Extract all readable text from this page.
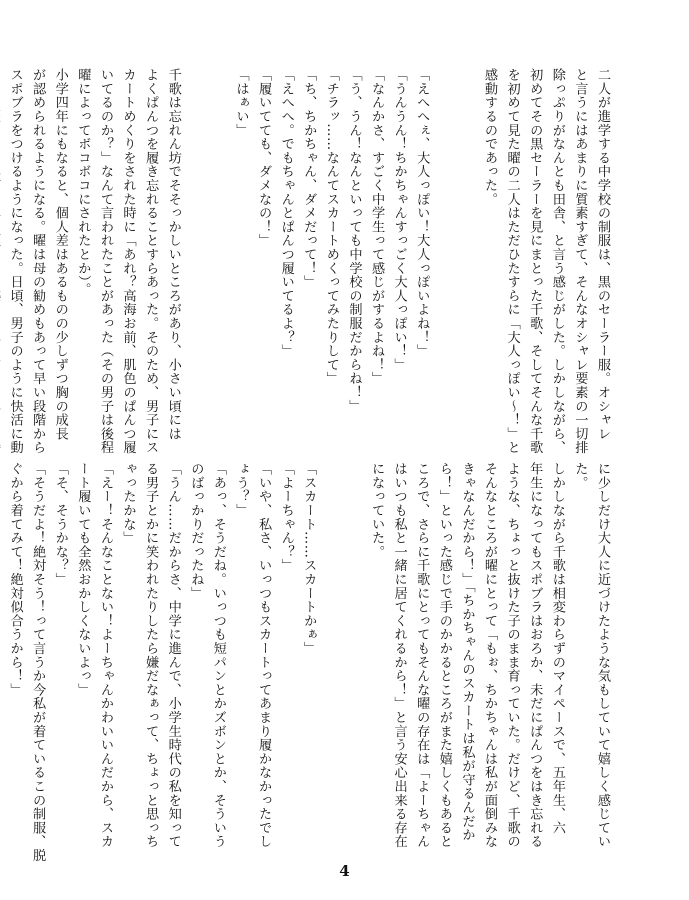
二人が進学する中学校の制服は、黒のセーラー服。オシャレ
と言うにはあまりに質素すぎて、そんなオシャレ要素の一切排
除っぷりがなんとも田舎、と言う感じがした。しかしながら、
初めてその黒セーラーを見にまとった千歌、そしてそんな千歌
を初めて見た曜の二人はただひたすらに「大人っぽい〜！」と
感動するのであった。

「えへへぇ、大人っぽい！大人っぽいよね！」
「うんうん！ちかちゃんすっごく大人っぽい！」
「なんかさ、すごく中学生って感じがするよね！」
「う、うん！なんといっても中学校の制服だからね！」
「チラッ……なんてスカートめくってみたりして」
「ち、ちかちゃん、ダメだって！」
「えへへ。でもちゃんとぱんつ履いてるよ？」
「履いてても、ダメなの！」
「はぁい」

千歌は忘れん坊でそそっかしいところがあり、小さい頃には
よくぱんつを履き忘れることすらあった。そのため、男子にス
カートめくりをされた時に「あれ？高海お前、肌色のぱんつ履
いてるのか？」なんて言われたことがあった（その男子は後程
曜によってボコボコにされたとか）。
小学四年にもなると、個人差はあるものの少しずつ胸の成長
が認められるようになる。曜は母の勧めもあって早い段階から
スポブラをつけるようになった。日頃、男子のように快活に動
に少しだけ大人に近づけたような気もしていて嬉しく感じてい
た。
しかしながら千歌は相変わらずのマイペースで、五年生、六
年生になってもスポブラはおろか、未だにぱんつをはき忘れる
ような、ちょっと抜けた子のまま育っていた。だけど、千歌の
そんなところが曜にとって「もぉ、ちかちゃんは私が面倒みな
きゃなんだから！」「ちかちゃんのスカートは私が守るんだか
ら！」といった感じで手のかかるところがまた嬉しくもあると
ころで、さらに千歌にとってもそんな曜の存在は「よーちゃん
はいつも私と一緒に居てくれるから！」と言う安心出来る存在
になっていた。

「スカート……スカートかぁ」
「よーちゃん？」
「いや、私さ、いっつもスカートってあまり履かなかったでし
ょう？」
「あっ、そうだね。いっつも短パンとかズボンとか、そういう
のばっかりだったね」
「うん……だからさ、中学に進んで、小学生時代の私を知って
る男子とかに笑われたりしたら嫌だなぁって、ちょっと思っち
ゃったかな」
「えー！そんなことない！よーちゃんかわいいんだから、スカ
ート履いても全然おかしくないよっ」
「そ、そうかな？」
「そうだよ！絶対そう！って言うか今私が着ているこの制服、脱
ぐから着てみて！絶対似合うから！」
4
